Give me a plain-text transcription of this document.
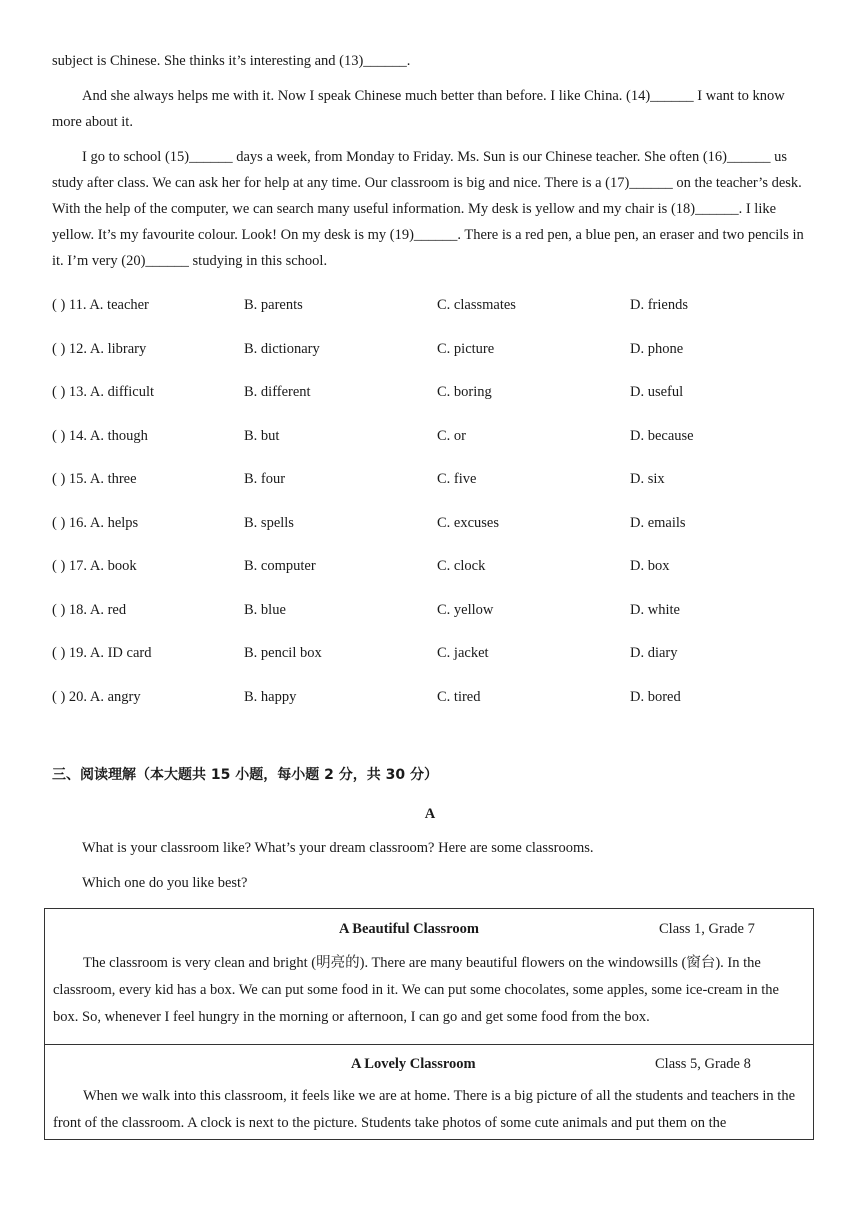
subject is Chinese. She thinks it’s interesting and (13)______.

And she always helps me with it. Now I speak Chinese much better than before. I like China. (14)______ I want to know more about it.

I go to school (15)______ days a week, from Monday to Friday. Ms. Sun is our Chinese teacher. She often (16)______ us study after class. We can ask her for help at any time. Our classroom is big and nice. There is a (17)______ on the teacher’s desk. With the help of the computer, we can search many useful information. My desk is yellow and my chair is (18)______. I like yellow. It’s my favourite colour. Look! On my desk is my (19)______. There is a red pen, a blue pen, an eraser and two pencils in it. I’m very (20)______ studying in this school.

( ) 11. A. teacher	B. parents	C. classmates	D. friends
( ) 12. A. library	B. dictionary	C. picture	D. phone
( ) 13. A. difficult	B. different	C. boring	D. useful
( ) 14. A. though	B. but	C. or	D. because
( ) 15. A. three	B. four	C. five	D. six
( ) 16. A. helps	B. spells	C. excuses	D. emails
( ) 17. A. book	B. computer	C. clock	D. box
( ) 18. A. red	B. blue	C. yellow	D. white
( ) 19. A. ID card	B. pencil box	C. jacket	D. diary
( ) 20. A. angry	B. happy	C. tired	D. bored
三、阅读理解（本大题共 15 小题，每小题 2 分，共 30 分）
A

What is your classroom like? What’s your dream classroom? Here are some classrooms.

Which one do you like best?

A Beautiful Classroom	Class 1, Grade 7

The classroom is very clean and bright (明亮的). There are many beautiful flowers on the windowsills (窗台). In the classroom, every kid has a box. We can put some food in it. We can put some chocolates, some apples, some ice-cream in the box. So, whenever I feel hungry in the morning or afternoon, I can go and get some food from the box.

A Lovely Classroom	Class 5, Grade 8

When we walk into this classroom, it feels like we are at home. There is a big picture of all the students and teachers in the front of the classroom. A clock is next to the picture. Students take photos of some cute animals and put them on the
